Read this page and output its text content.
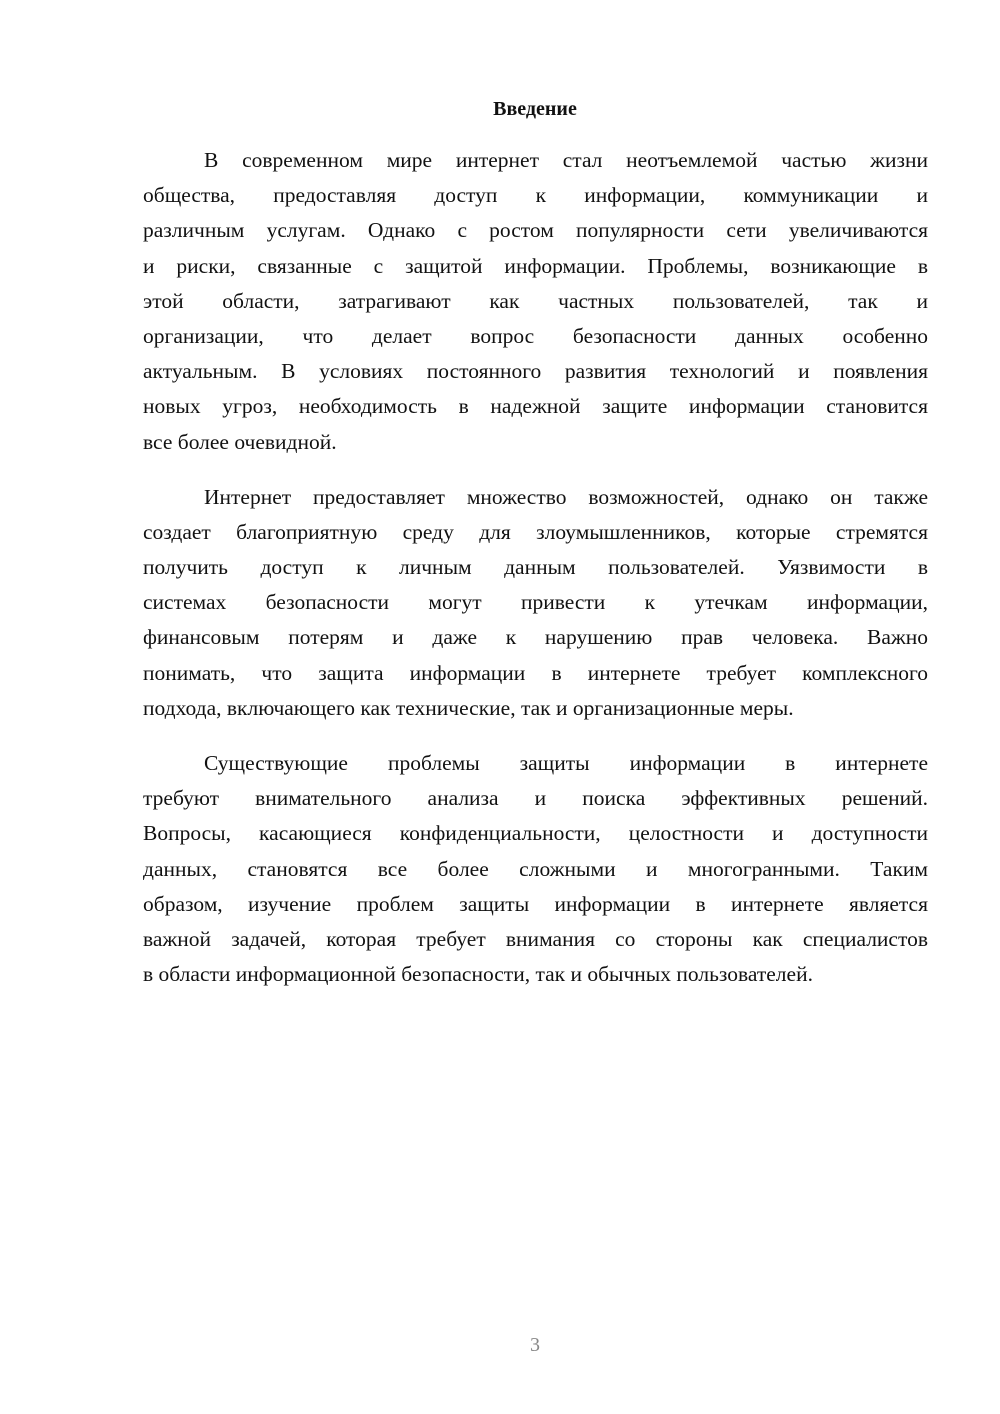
Введение
В современном мире интернет стал неотъемлемой частью жизни
общества, предоставляя доступ к информации, коммуникации и
различным услугам. Однако с ростом популярности сети увеличиваются
и риски, связанные с защитой информации. Проблемы, возникающие в
этой области, затрагивают как частных пользователей, так и
организации, что делает вопрос безопасности данных особенно
актуальным. В условиях постоянного развития технологий и появления
новых угроз, необходимость в надежной защите информации становится
все более очевидной.
Интернет предоставляет множество возможностей, однако он также
создает благоприятную среду для злоумышленников, которые стремятся
получить доступ к личным данным пользователей. Уязвимости в
системах безопасности могут привести к утечкам информации,
финансовым потерям и даже к нарушению прав человека. Важно
понимать, что защита информации в интернете требует комплексного
подхода, включающего как технические, так и организационные меры.
Существующие проблемы защиты информации в интернете
требуют внимательного анализа и поиска эффективных решений.
Вопросы, касающиеся конфиденциальности, целостности и доступности
данных, становятся все более сложными и многогранными. Таким
образом, изучение проблем защиты информации в интернете является
важной задачей, которая требует внимания со стороны как специалистов
в области информационной безопасности, так и обычных пользователей.
3
